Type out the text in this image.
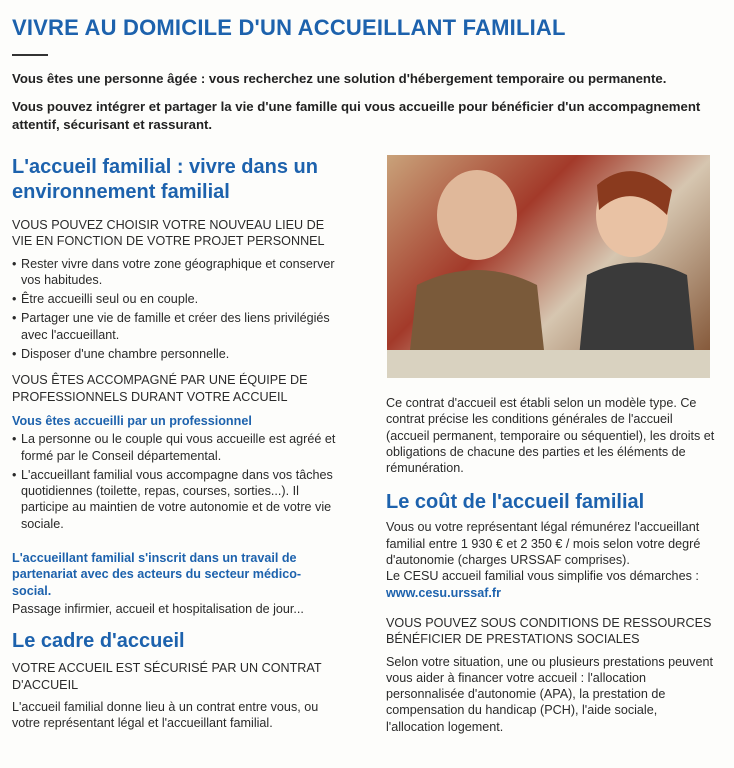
VIVRE AU DOMICILE D'UN ACCUEILLANT FAMILIAL
Vous êtes une personne âgée : vous recherchez une solution d'hébergement temporaire ou permanente.
Vous pouvez intégrer et partager la vie d'une famille qui vous accueille pour bénéficier d'un accompagnement attentif, sécurisant et rassurant.
L'accueil familial : vivre dans un environnement familial

VOUS POUVEZ CHOISIR VOTRE NOUVEAU LIEU DE VIE EN FONCTION DE VOTRE PROJET PERSONNEL

• Rester vivre dans votre zone géographique et conserver vos habitudes.
• Être accueilli seul ou en couple.
• Partager une vie de famille et créer des liens privilégiés avec l'accueillant.
• Disposer d'une chambre personnelle.

VOUS ÊTES ACCOMPAGNÉ PAR UNE ÉQUIPE DE PROFESSIONNELS DURANT VOTRE ACCUEIL

Vous êtes accueilli par un professionnel

• La personne ou le couple qui vous accueille est agréé et formé par le Conseil départemental.
• L'accueillant familial vous accompagne dans vos tâches quotidiennes (toilette, repas, courses, sorties...). Il participe au maintien de votre autonomie et de votre vie sociale.

L'accueillant familial s'inscrit dans un travail de partenariat avec des acteurs du secteur médico-social.

Passage infirmier, accueil et hospitalisation de jour...

Le cadre d'accueil

VOTRE ACCUEIL EST SÉCURISÉ PAR UN CONTRAT D'ACCUEIL

L'accueil familial donne lieu à un contrat entre vous, ou votre représentant légal et l'accueillant familial.

Ce contrat d'accueil est établi selon un modèle type. Ce contrat précise les conditions générales de l'accueil (accueil permanent, temporaire ou séquentiel), les droits et obligations de chacune des parties et les éléments de rémunération.

Le coût de l'accueil familial

Vous ou votre représentant légal rémunérez l'accueillant familial entre 1 930 € et 2 350 € / mois selon votre degré d'autonomie (charges URSSAF comprises).

Le CESU accueil familial vous simplifie vos démarches :

www.cesu.urssaf.fr

VOUS POUVEZ SOUS CONDITIONS DE RESSOURCES BÉNÉFICIER DE PRESTATIONS SOCIALES

Selon votre situation, une ou plusieurs prestations peuvent vous aider à financer votre accueil : l'allocation personnalisée d'autonomie (APA), la prestation de compensation du handicap (PCH), l'aide sociale, l'allocation logement.
